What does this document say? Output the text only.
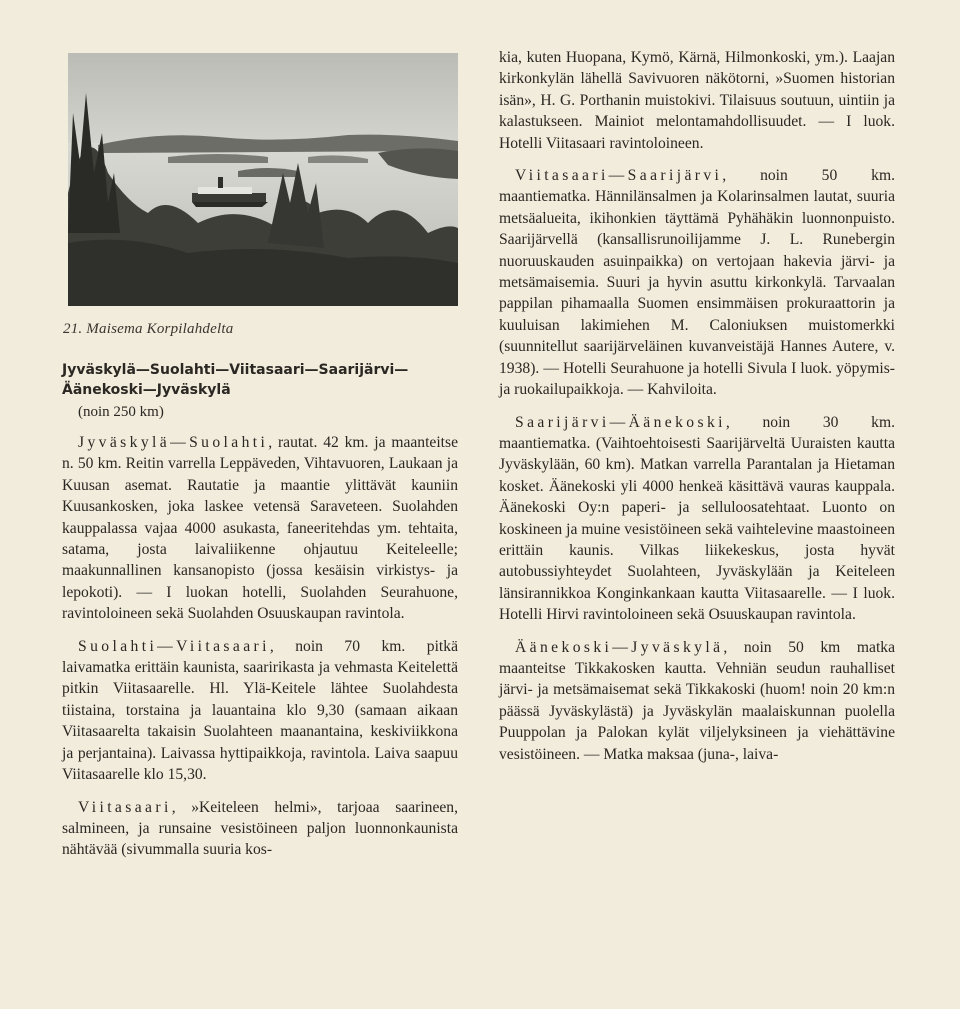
21. Maisema Korpilahdelta
Jyväskylä—Suolahti—Viitasaari—Saarijärvi—
Äänekoski—Jyväskylä
(noin 250 km)

Jyväskylä—Suolahti, rautat. 42 km. ja maanteitse n. 50 km. Reitin varrella Leppäveden, Vihtavuoren, Laukaan ja Kuusan asemat. Rautatie ja maantie ylittävät kauniin Kuusankosken, joka laskee vetensä Saraveteen. Suolahden kauppalassa vajaa 4000 asukasta, faneeritehdas ym. tehtaita, satama, josta laivaliikenne ohjautuu Keiteleelle; maakunnallinen kansanopisto (jossa kesäisin virkistys- ja lepokoti). — I luokan hotelli, Suolahden Seurahuone, ravintoloineen sekä Suolahden Osuuskaupan ravintola.

Suolahti—Viitasaari, noin 70 km. pitkä laivamatka erittäin kaunista, saaririkasta ja vehmasta Keitelettä pitkin Viitasaarelle. Hl. Ylä-Keitele lähtee Suolahdesta tiistaina, torstaina ja lauantaina klo 9,30 (samaan aikaan Viitasaarelta takaisin Suolahteen maanantaina, keskiviikkona ja perjantaina). Laivassa hyttipaikkoja, ravintola. Laiva saapuu Viitasaarelle klo 15,30.

Viitasaari, »Keiteleen helmi», tarjoaa saarineen, salmineen, ja runsaine vesistöineen paljon luonnonkaunista nähtävää (sivummalla suuria kos-

kia, kuten Huopana, Kymö, Kärnä, Hilmonkoski, ym.). Laajan kirkonkylän lähellä Savivuoren näkötorni, »Suomen historian isän», H. G. Porthanin muistokivi. Tilaisuus soutuun, uintiin ja kalastukseen. Mainiot melontamahdollisuudet. — I luok. Hotelli Viitasaari ravintoloineen.

Viitasaari—Saarijärvi, noin 50 km. maantiematka. Hännilänsalmen ja Kolarinsalmen lautat, suuria metsäalueita, ikihonkien täyttämä Pyhähäkin luonnonpuisto. Saarijärvellä (kansallisrunoilijamme J. L. Runebergin nuoruuskauden asuinpaikka) on vertojaan hakevia järvi- ja metsämaisemia. Suuri ja hyvin asuttu kirkonkylä. Tarvaalan pappilan pihamaalla Suomen ensimmäisen prokuraattorin ja kuuluisan lakimiehen M. Caloniuksen muistomerkki (suunnitellut saarijärveläinen kuvanveistäjä Hannes Autere, v. 1938). — Hotelli Seurahuone ja hotelli Sivula I luok. yöpymis- ja ruokailupaikkoja. — Kahviloita.

Saarijärvi—Äänekoski, noin 30 km. maantiematka. (Vaihtoehtoisesti Saarijärveltä Uuraisten kautta Jyväskylään, 60 km). Matkan varrella Parantalan ja Hietaman kosket. Äänekoski yli 4000 henkeä käsittävä vauras kauppala. Äänekoski Oy:n paperi- ja selluloosatehtaat. Luonto on koskineen ja muine vesistöineen sekä vaihtelevine maastoineen erittäin kaunis. Vilkas liikekeskus, josta hyvät autobussiyhteydet Suolahteen, Jyväskylään ja Keiteleen länsirannikkoa Konginkankaan kautta Viitasaarelle. — I luok. Hotelli Hirvi ravintoloineen sekä Osuuskaupan ravintola.

Äänekoski—Jyväskylä, noin 50 km matka maanteitse Tikkakosken kautta. Vehniän seudun rauhalliset järvi- ja metsämaisemat sekä Tikkakoski (huom! noin 20 km:n päässä Jyväskylästä) ja Jyväskylän maalaiskunnan puolella Puuppolan ja Palokan kylät viljelyksineen ja viehättävine vesistöineen. — Matka maksaa (juna-, laiva-
